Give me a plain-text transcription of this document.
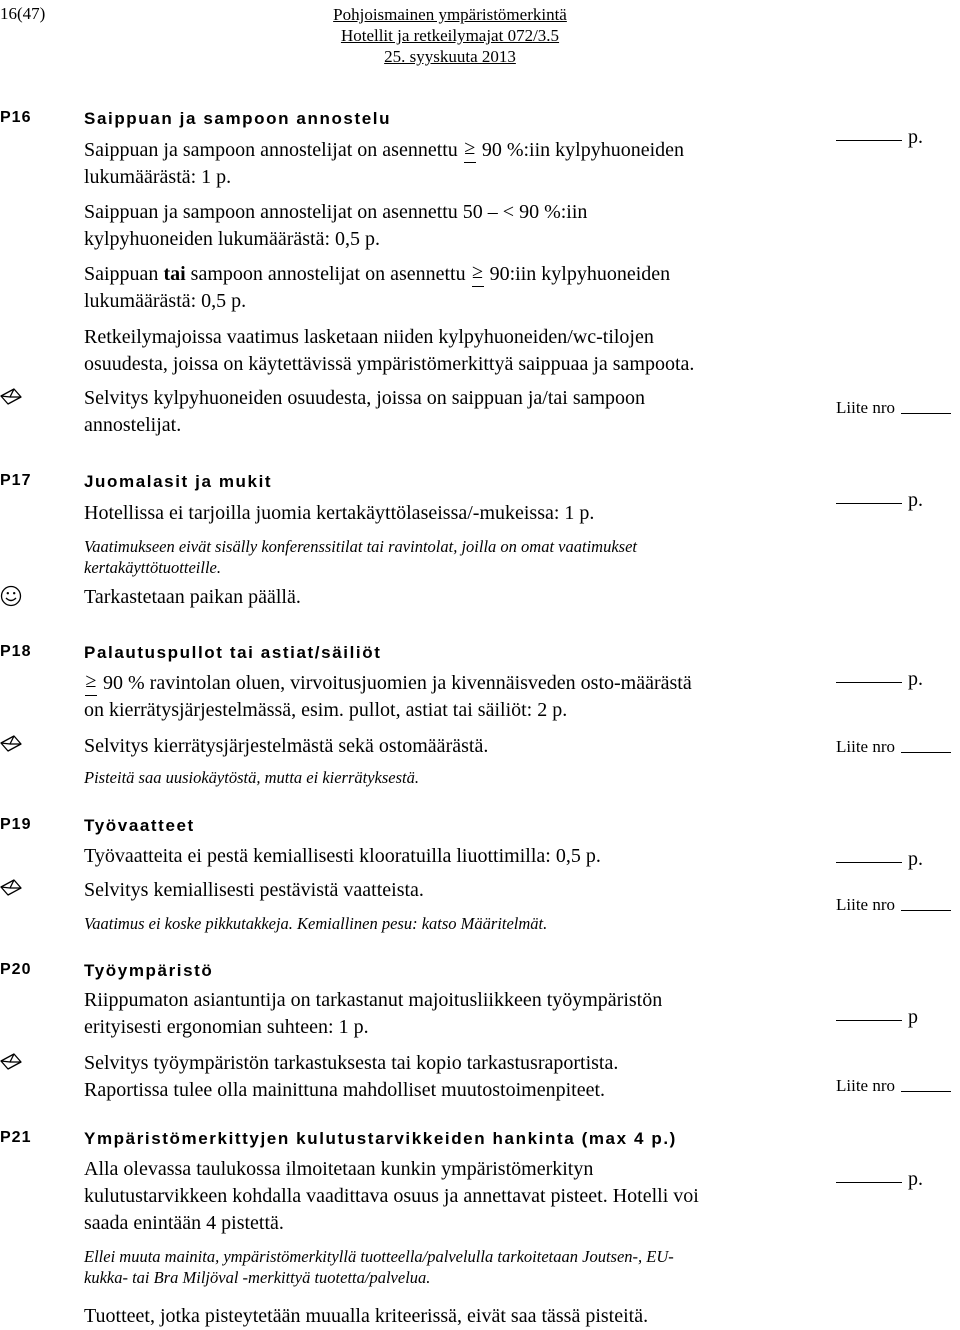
16(47)	Pohjoismainen ympäristömerkintä
Hotellit ja retkeilymajat 072/3.5
25. syyskuuta 2013
P16	Saippuan ja sampoon annostelu
Saippuan ja sampoon annostelijat on asennettu ≥ 90 %:iin kylpyhuoneiden
lukumäärästä: 1 p.
Saippuan ja sampoon annostelijat on asennettu 50 – < 90 %:iin
kylpyhuoneiden lukumäärästä: 0,5 p.
Saippuan tai sampoon annostelijat on asennettu ≥ 90:iin kylpyhuoneiden
lukumäärästä: 0,5 p.
Retkeilymajoissa vaatimus lasketaan niiden kylpyhuoneiden/wc-tilojen
osuudesta, joissa on käytettävissä ympäristömerkittyä saippuaa ja sampoota.
Selvitys kylpyhuoneiden osuudesta, joissa on saippuan ja/tai sampoon
annostelijat.
p.
Liite nro
P17	Juomalasit ja mukit
Hotellissa ei tarjoilla juomia kertakäyttölaseissa/-mukeissa: 1 p.
Vaatimukseen eivät sisälly konferenssitilat tai ravintolat, joilla on omat vaatimukset
kertakäyttötuotteille.
Tarkastetaan paikan päällä.
p.
P18	Palautuspullot tai astiat/säiliöt
≥ 90 % ravintolan oluen, virvoitusjuomien ja kivennäisveden osto-määrästä
on kierrätysjärjestelmässä, esim. pullot, astiat tai säiliöt: 2 p.
Selvitys kierrätysjärjestelmästä sekä ostomäärästä.
Pisteitä saa uusiokäytöstä, mutta ei kierrätyksestä.
p.
Liite nro
P19	Työvaatteet
Työvaatteita ei pestä kemiallisesti klooratuilla liuottimilla: 0,5 p.
Selvitys kemiallisesti pestävistä vaatteista.
Vaatimus ei koske pikkutakkeja. Kemiallinen pesu: katso Määritelmät.
p.
Liite nro
P20	Työympäristö
Riippumaton asiantuntija on tarkastanut majoitusliikkeen työympäristön
erityisesti ergonomian suhteen: 1 p.
Selvitys työympäristön tarkastuksesta tai kopio tarkastusraportista.
Raportissa tulee olla mainittuna mahdolliset muutostoimenpiteet.
p
Liite nro
P21	Ympäristömerkittyjen kulutustarvikkeiden hankinta (max 4 p.)
Alla olevassa taulukossa ilmoitetaan kunkin ympäristömerkityn
kulutustarvikkeen kohdalla vaadittava osuus ja annettavat pisteet. Hotelli voi
saada enintään 4 pistettä.
Ellei muuta mainita, ympäristömerkityllä tuotteella/palvelulla tarkoitetaan Joutsen-, EU-
kukka- tai Bra Miljöval -merkittyä tuotetta/palvelua.
Tuotteet, jotka pisteytetään muualla kriteerissä, eivät saa tässä pisteitä.
p.
